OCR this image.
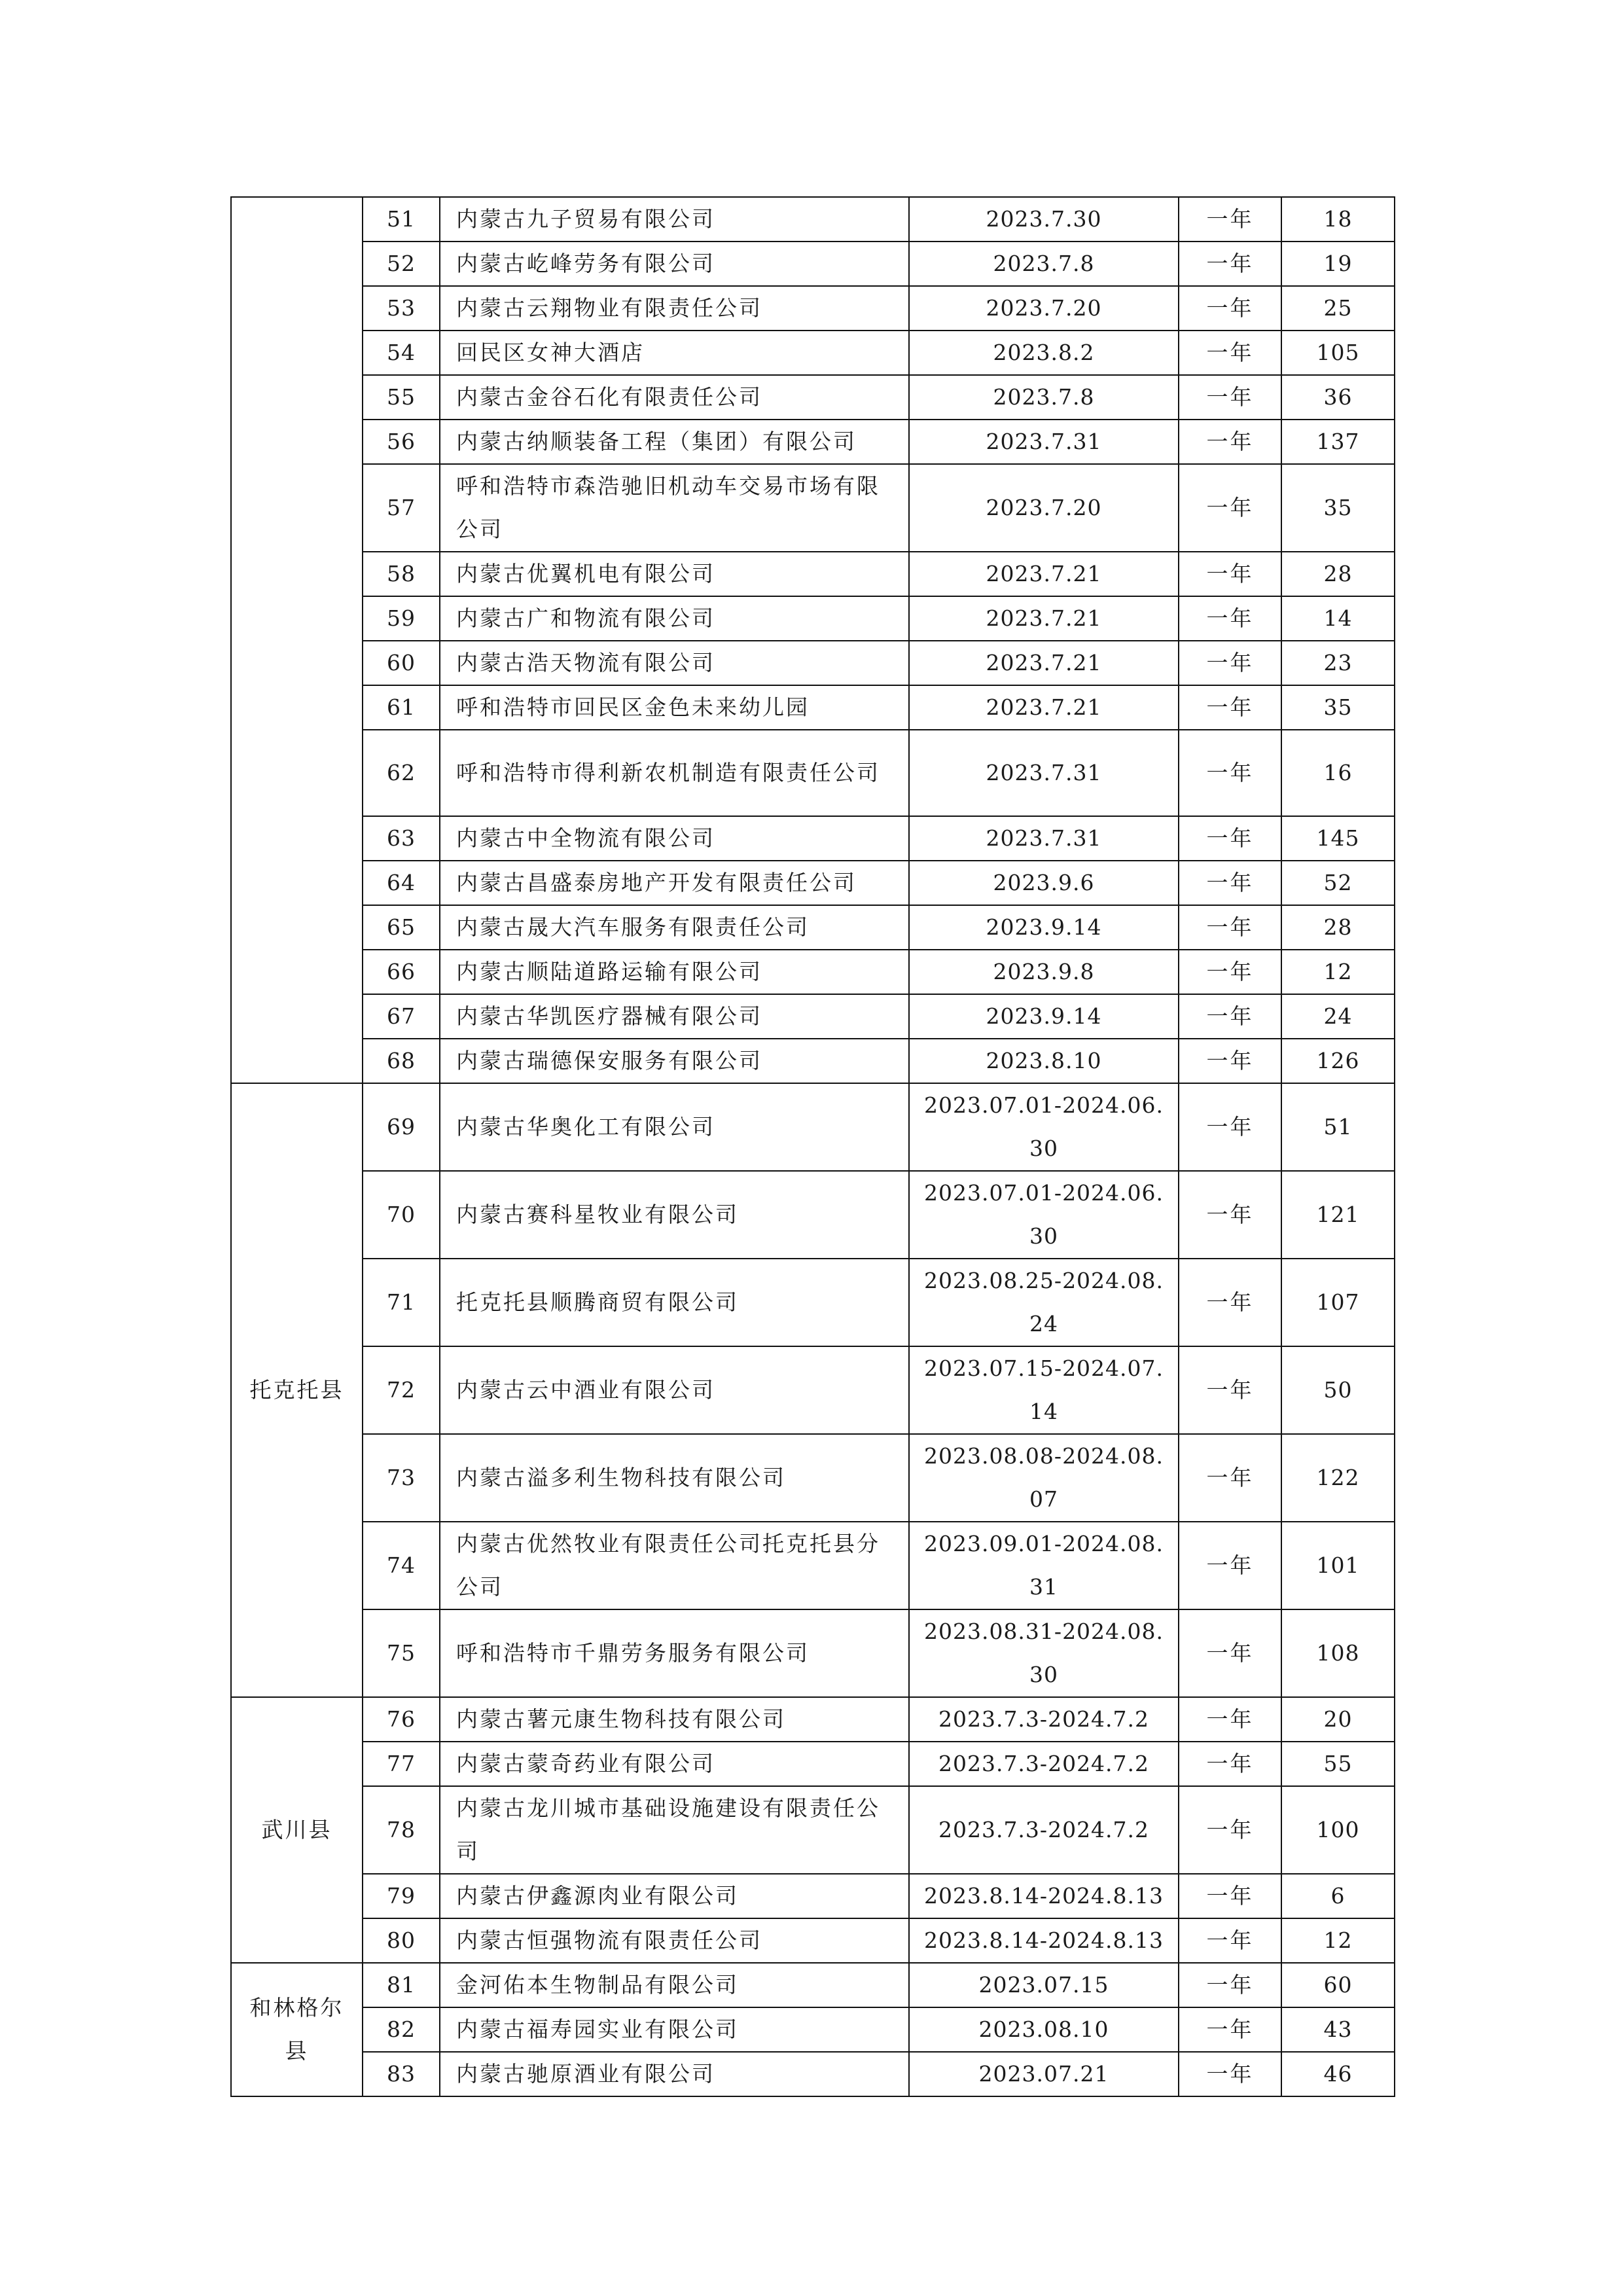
	51	内蒙古九子贸易有限公司	2023.7.30	一年	18
	52	内蒙古屹峰劳务有限公司	2023.7.8	一年	19
	53	内蒙古云翔物业有限责任公司	2023.7.20	一年	25
	54	回民区女神大酒店	2023.8.2	一年	105
	55	内蒙古金谷石化有限责任公司	2023.7.8	一年	36
	56	内蒙古纳顺装备工程（集团）有限公司	2023.7.31	一年	137
	57	呼和浩特市森浩驰旧机动车交易市场有限公司	2023.7.20	一年	35
	58	内蒙古优翼机电有限公司	2023.7.21	一年	28
	59	内蒙古广和物流有限公司	2023.7.21	一年	14
	60	内蒙古浩天物流有限公司	2023.7.21	一年	23
	61	呼和浩特市回民区金色未来幼儿园	2023.7.21	一年	35
	62	呼和浩特市得利新农机制造有限责任公司	2023.7.31	一年	16
	63	内蒙古中全物流有限公司	2023.7.31	一年	145
	64	内蒙古昌盛泰房地产开发有限责任公司	2023.9.6	一年	52
	65	内蒙古晟大汽车服务有限责任公司	2023.9.14	一年	28
	66	内蒙古顺陆道路运输有限公司	2023.9.8	一年	12
	67	内蒙古华凯医疗器械有限公司	2023.9.14	一年	24
	68	内蒙古瑞德保安服务有限公司	2023.8.10	一年	126
托克托县	69	内蒙古华奥化工有限公司	2023.07.01-2024.06.30	一年	51
	70	内蒙古赛科星牧业有限公司	2023.07.01-2024.06.30	一年	121
	71	托克托县顺腾商贸有限公司	2023.08.25-2024.08.24	一年	107
	72	内蒙古云中酒业有限公司	2023.07.15-2024.07.14	一年	50
	73	内蒙古溢多利生物科技有限公司	2023.08.08-2024.08.07	一年	122
	74	内蒙古优然牧业有限责任公司托克托县分公司	2023.09.01-2024.08.31	一年	101
	75	呼和浩特市千鼎劳务服务有限公司	2023.08.31-2024.08.30	一年	108
武川县	76	内蒙古薯元康生物科技有限公司	2023.7.3-2024.7.2	一年	20
	77	内蒙古蒙奇药业有限公司	2023.7.3-2024.7.2	一年	55
	78	内蒙古龙川城市基础设施建设有限责任公司	2023.7.3-2024.7.2	一年	100
	79	内蒙古伊鑫源肉业有限公司	2023.8.14-2024.8.13	一年	6
	80	内蒙古恒强物流有限责任公司	2023.8.14-2024.8.13	一年	12
和林格尔县	81	金河佑本生物制品有限公司	2023.07.15	一年	60
	82	内蒙古福寿园实业有限公司	2023.08.10	一年	43
	83	内蒙古驰原酒业有限公司	2023.07.21	一年	46
